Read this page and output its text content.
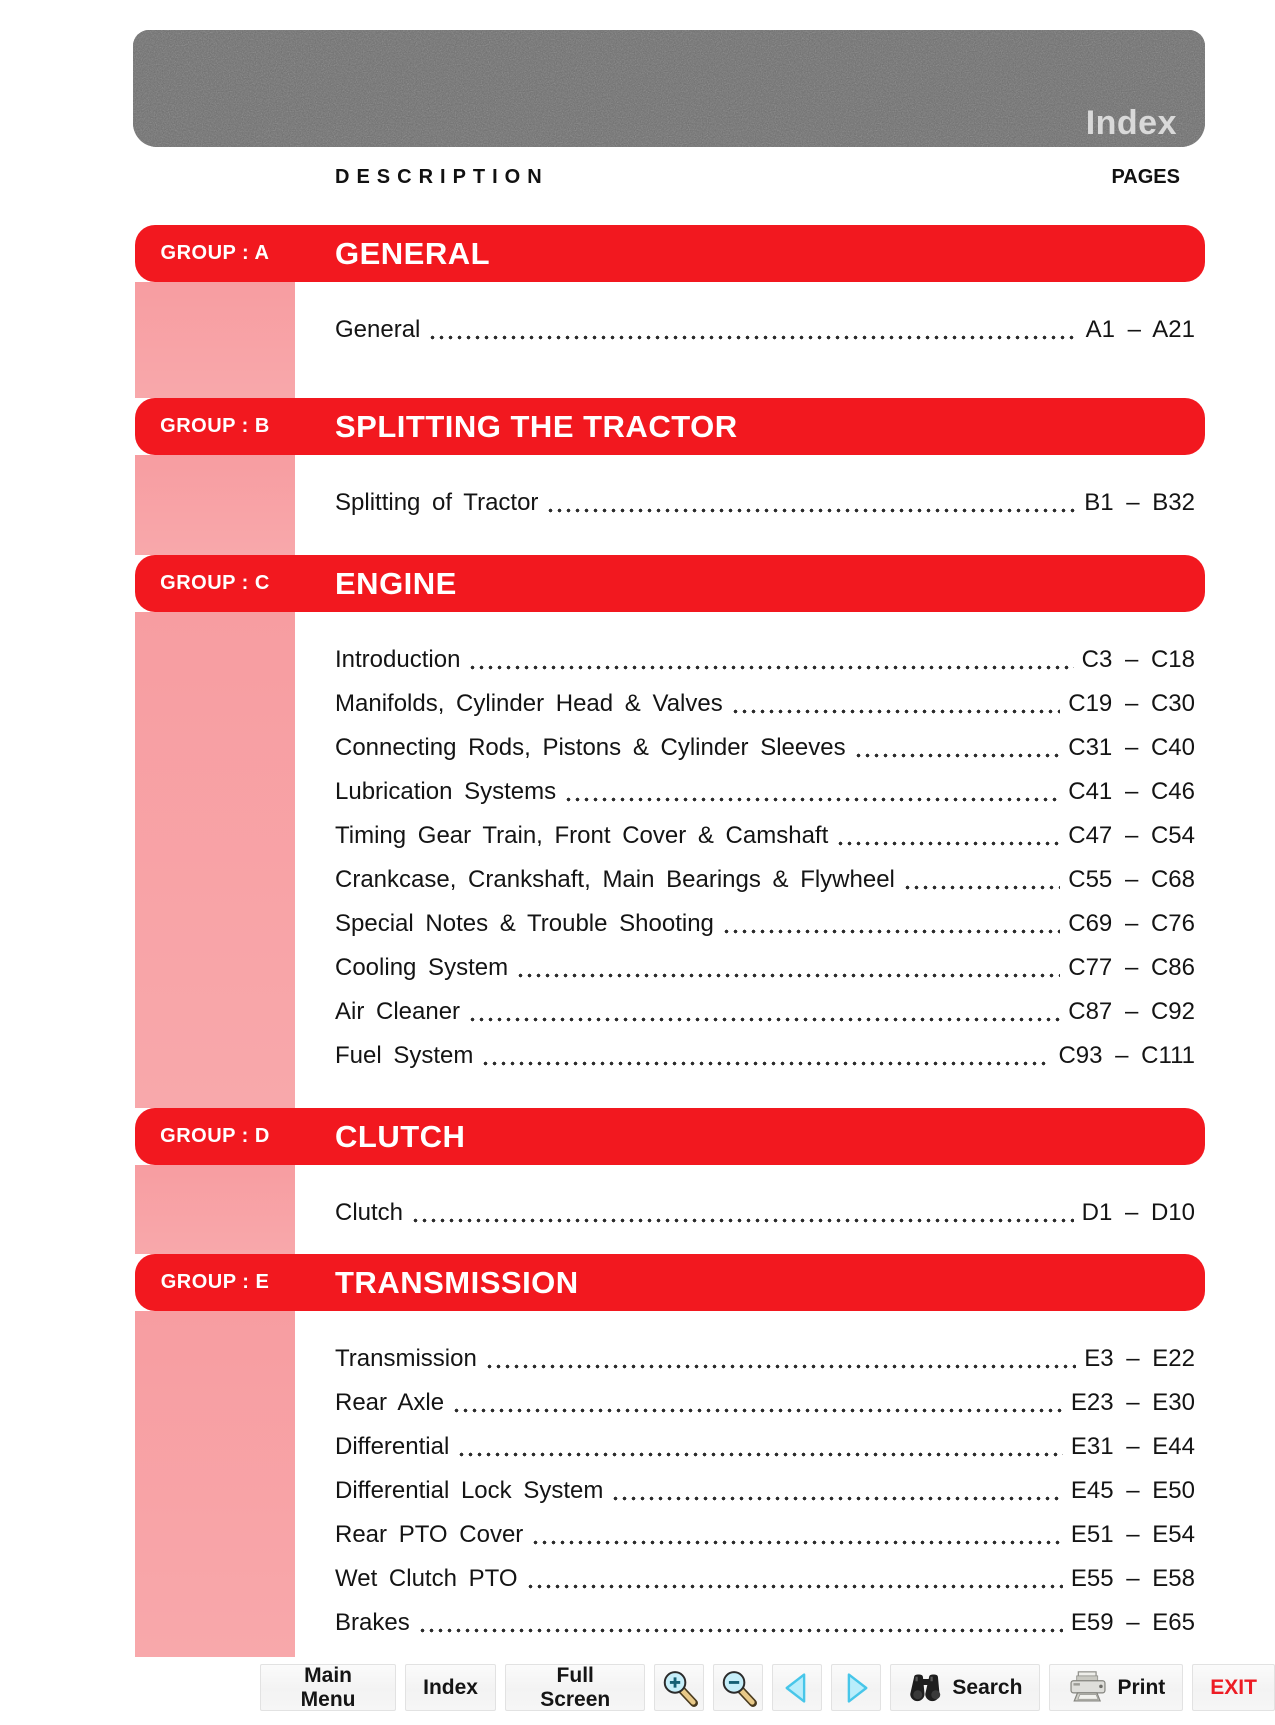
Index
DESCRIPTION	PAGES
GROUP : A	GENERAL
General	A1 – A21
GROUP : B	SPLITTING THE TRACTOR
Splitting of Tractor	B1 – B32
GROUP : C	ENGINE
Introduction	C3 – C18
Manifolds, Cylinder Head & Valves	C19 – C30
Connecting Rods, Pistons & Cylinder Sleeves	C31 – C40
Lubrication Systems	C41 – C46
Timing Gear Train, Front Cover & Camshaft	C47 – C54
Crankcase, Crankshaft, Main Bearings & Flywheel	C55 – C68
Special Notes & Trouble Shooting	C69 – C76
Cooling System	C77 – C86
Air Cleaner	C87 – C92
Fuel System	C93 – C111
GROUP : D	CLUTCH
Clutch	D1 – D10
GROUP : E	TRANSMISSION
Transmission	E3 – E22
Rear Axle	E23 – E30
Differential	E31 – E44
Differential Lock System	E45 – E50
Rear PTO Cover	E51 – E54
Wet Clutch PTO	E55 – E58
Brakes	E59 – E65
Main Menu
Index
Full Screen
Search	Print	EXIT
